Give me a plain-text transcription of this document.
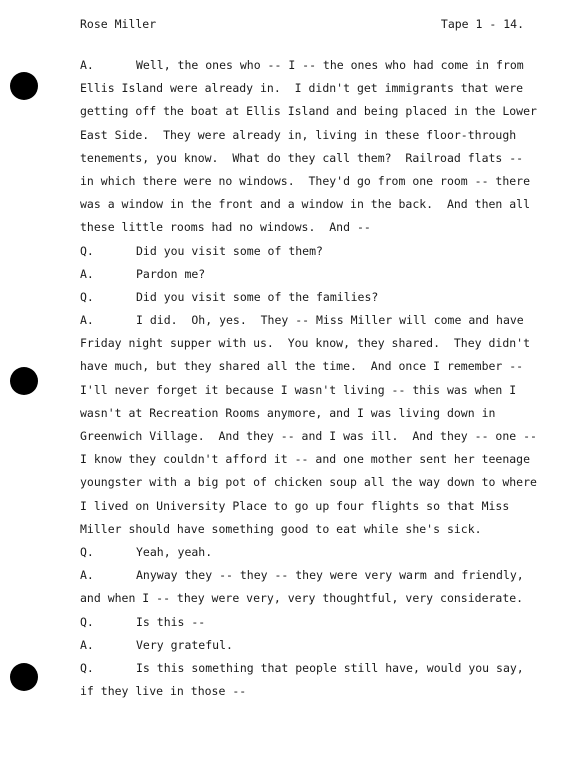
Rose Miller	Tape 1 - 14.
A.	Well, the ones who -- I -- the ones who had come in from
Ellis Island were already in.  I didn't get immigrants that were
getting off the boat at Ellis Island and being placed in the Lower
East Side.  They were already in, living in these floor-through
tenements, you know.  What do they call them?  Railroad flats --
in which there were no windows.  They'd go from one room -- there
was a window in the front and a window in the back.  And then all
these little rooms had no windows.  And --
Q.	Did you visit some of them?
A.	Pardon me?
Q.	Did you visit some of the families?
A.	I did.  Oh, yes.  They -- Miss Miller will come and have
Friday night supper with us.  You know, they shared.  They didn't
have much, but they shared all the time.  And once I remember --
I'll never forget it because I wasn't living -- this was when I
wasn't at Recreation Rooms anymore, and I was living down in
Greenwich Village.  And they -- and I was ill.  And they -- one --
I know they couldn't afford it -- and one mother sent her teenage
youngster with a big pot of chicken soup all the way down to where
I lived on University Place to go up four flights so that Miss
Miller should have something good to eat while she's sick.
Q.	Yeah, yeah.
A.	Anyway they -- they -- they were very warm and friendly,
and when I -- they were very, very thoughtful, very considerate.
Q.	Is this --
A.	Very grateful.
Q.	Is this something that people still have, would you say,
if they live in those --
